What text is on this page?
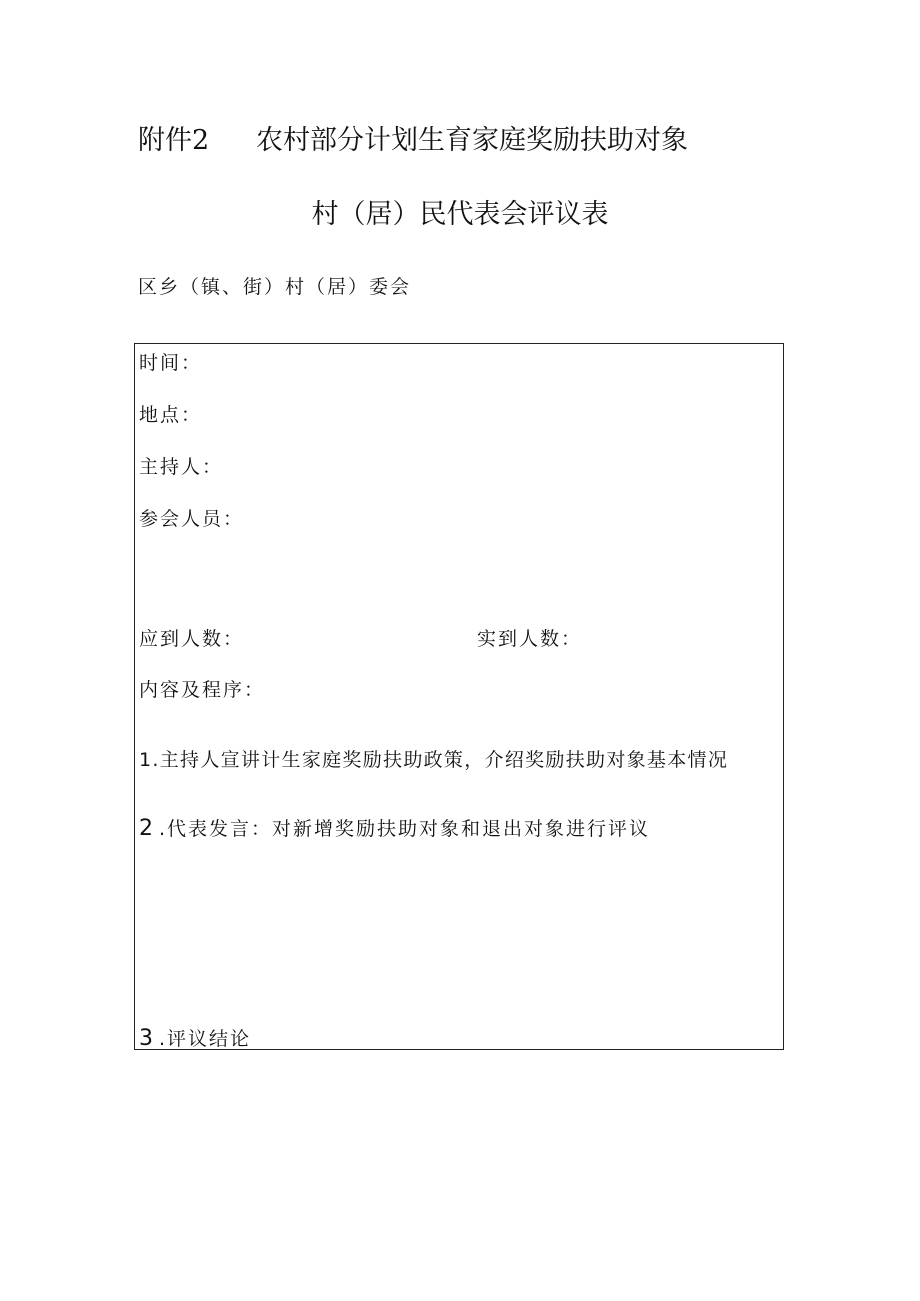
附件2 农村部分计划生育家庭奖励扶助对象
村（居）民代表会评议表
区乡（镇、街）村（居）委会
时间：
地点：
主持人：
参会人员：
应到人数：	实到人数：
内容及程序：
1.主持人宣讲计生家庭奖励扶助政策，介绍奖励扶助对象基本情况
2 .代表发言：对新增奖励扶助对象和退出对象进行评议
3 .评议结论
